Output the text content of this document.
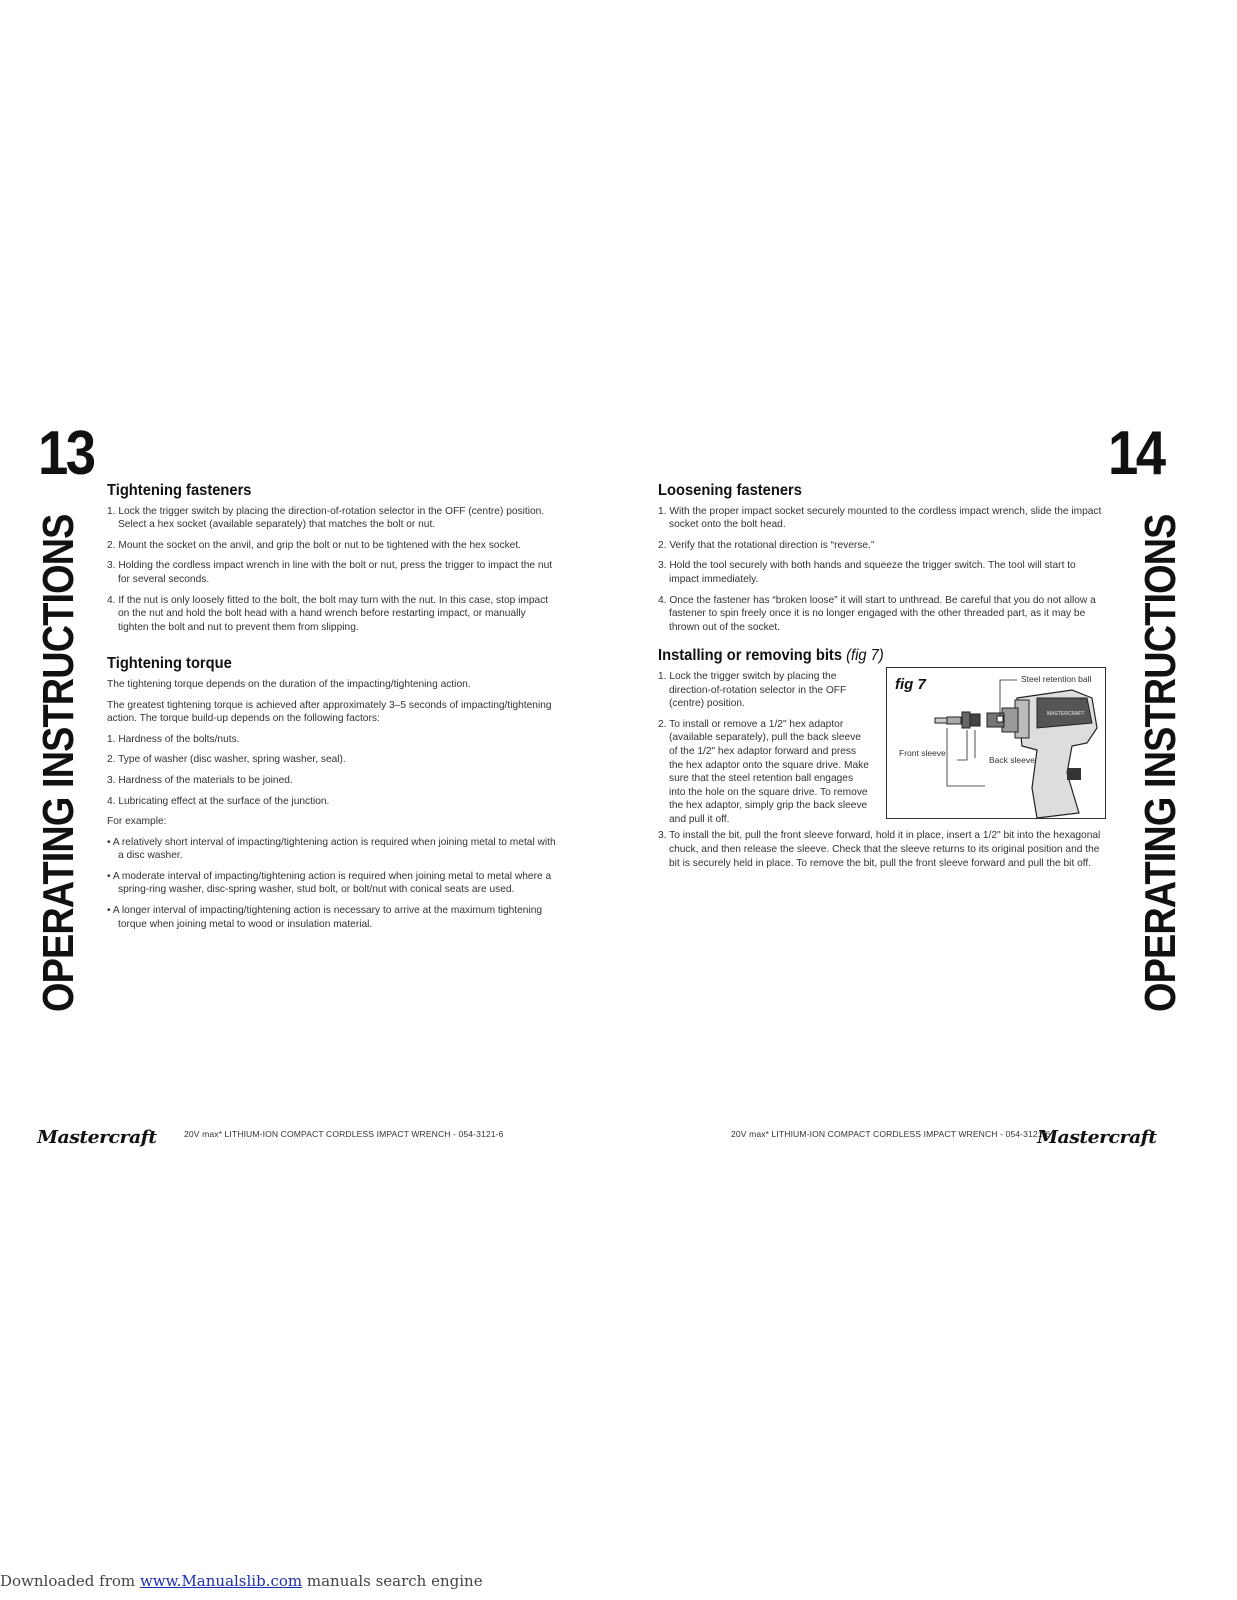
13
OPERATING INSTRUCTIONS
Tightening fasteners
1. Lock the trigger switch by placing the direction-of-rotation selector in the OFF (centre) position. Select a hex socket (available separately) that matches the bolt or nut.
2. Mount the socket on the anvil, and grip the bolt or nut to be tightened with the hex socket.
3. Holding the cordless impact wrench in line with the bolt or nut, press the trigger to impact the nut for several seconds.
4. If the nut is only loosely fitted to the bolt, the bolt may turn with the nut. In this case, stop impact on the nut and hold the bolt head with a hand wrench before restarting impact, or manually tighten the bolt and nut to prevent them from slipping.
Tightening torque

The tightening torque depends on the duration of the impacting/tightening action.

The greatest tightening torque is achieved after approximately 3–5 seconds of impacting/tightening action. The torque build-up depends on the following factors:

1. Hardness of the bolts/nuts.
2. Type of washer (disc washer, spring washer, seal).
3. Hardness of the materials to be joined.
4. Lubricating effect at the surface of the junction.

For example:

• A relatively short interval of impacting/tightening action is required when joining metal to metal with a disc washer.
• A moderate interval of impacting/tightening action is required when joining metal to metal where a spring-ring washer, disc-spring washer, stud bolt, or bolt/nut with conical seats are used.
• A longer interval of impacting/tightening action is necessary to arrive at the maximum tightening torque when joining metal to wood or insulation material.
Mastercraft	20V max* LITHIUM-ION COMPACT CORDLESS IMPACT WRENCH - 054-3121-6
14
OPERATING INSTRUCTIONS
Loosening fasteners
1. With the proper impact socket securely mounted to the cordless impact wrench, slide the impact socket onto the bolt head.
2. Verify that the rotational direction is “reverse.”
3. Hold the tool securely with both hands and squeeze the trigger switch. The tool will start to impact immediately.
4. Once the fastener has “broken loose” it will start to unthread. Be careful that you do not allow a fastener to spin freely once it is no longer engaged with the other threaded part, as it may be thrown out of the socket.
Installing or removing bits (fig 7)
1. Lock the trigger switch by placing the direction-of-rotation selector in the OFF (centre) position.
2. To install or remove a 1/2" hex adaptor (available separately), pull the back sleeve of the 1/2" hex adaptor forward and press the hex adaptor onto the square drive. Make sure that the steel retention ball engages into the hole on the square drive. To remove the hex adaptor, simply grip the back sleeve and pull it off.
3. To install the bit, pull the front sleeve forward, hold it in place, insert a 1/2" bit into the hexagonal chuck, and then release the sleeve. Check that the sleeve returns to its original position and the bit is securely held in place. To remove the bit, pull the front sleeve forward and pull the bit off.
fig 7
MASTERCRAFT
Steel retention ball
Front sleeve
Back sleeve
20V max* LITHIUM-ION COMPACT CORDLESS IMPACT WRENCH - 054-3121-6
Mastercraft
Downloaded from www.Manualslib.com manuals search engine
